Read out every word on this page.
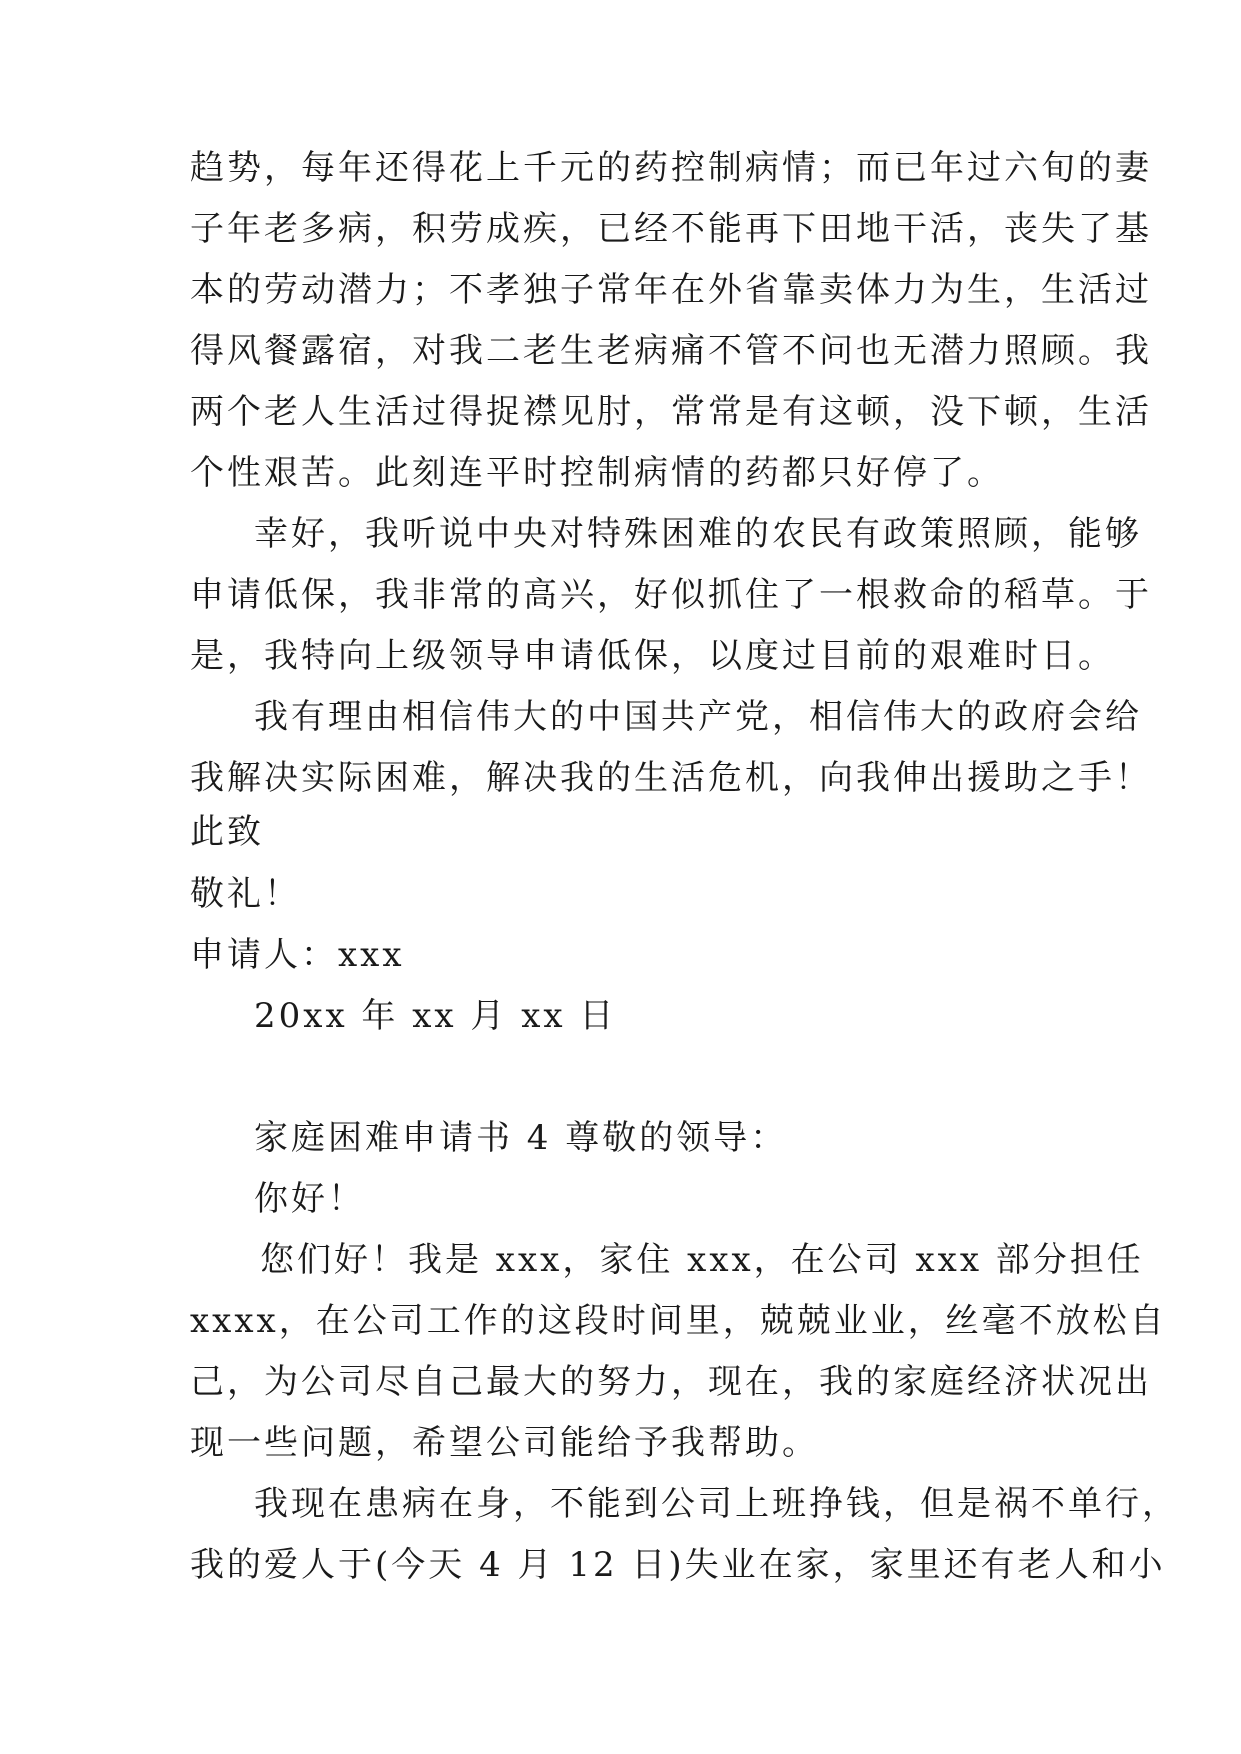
趋势，每年还得花上千元的药控制病情；而已年过六旬的妻
子年老多病，积劳成疾，已经不能再下田地干活，丧失了基
本的劳动潜力；不孝独子常年在外省靠卖体力为生，生活过
得风餐露宿，对我二老生老病痛不管不问也无潜力照顾。我
两个老人生活过得捉襟见肘，常常是有这顿，没下顿，生活
个性艰苦。此刻连平时控制病情的药都只好停了。
幸好，我听说中央对特殊困难的农民有政策照顾，能够
申请低保，我非常的高兴，好似抓住了一根救命的稻草。于
是，我特向上级领导申请低保，以度过目前的艰难时日。
我有理由相信伟大的中国共产党，相信伟大的政府会给
我解决实际困难，解决我的生活危机，向我伸出援助之手！
此致
敬礼！
申请人：xxx
20xx 年 xx 月 xx 日
家庭困难申请书 4 尊敬的领导：
你好！
您们好！我是 xxx，家住 xxx，在公司 xxx 部分担任
xxxx，在公司工作的这段时间里，兢兢业业，丝毫不放松自
己，为公司尽自己最大的努力，现在，我的家庭经济状况出
现一些问题，希望公司能给予我帮助。
我现在患病在身，不能到公司上班挣钱，但是祸不单行，
我的爱人于(今天 4 月 12 日)失业在家，家里还有老人和小
